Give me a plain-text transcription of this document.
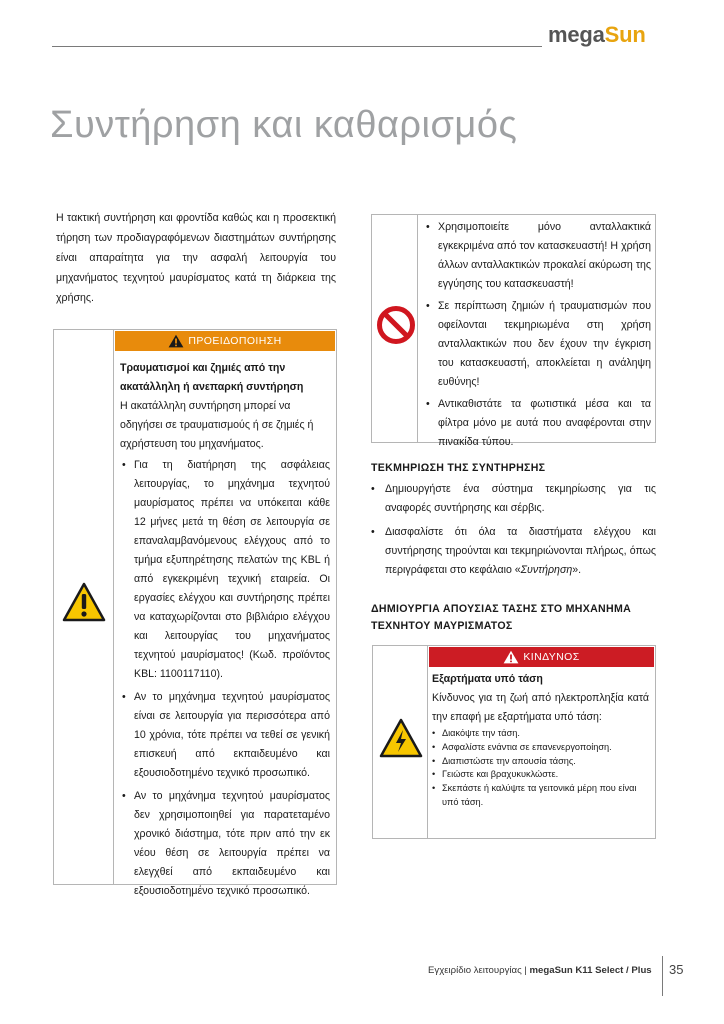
megaSun
Συντήρηση και καθαρισμός
Η τακτική συντήρηση και φροντίδα καθώς και η προσεκτική τήρηση των προδιαγραφόμενων διαστημάτων συντήρησης είναι απαραίτητα για την ασφαλή λειτουργία του μηχανήματος τεχνητού μαυρίσματος κατά τη διάρκεια της χρήσης.
ΠΡΟΕΙΔΟΠΟΙΗΣΗ
Τραυματισμοί και ζημιές από την ακατάλληλη ή ανεπαρκή συντήρηση
Η ακατάλληλη συντήρηση μπορεί να οδηγήσει σε τραυματισμούς ή σε ζημιές ή αχρήστευση του μηχανήματος.
• Για τη διατήρηση της ασφάλειας λειτουργίας, το μηχάνημα τεχνητού μαυρίσματος πρέπει να υπόκειται κάθε 12 μήνες μετά τη θέση σε λειτουργία σε επαναλαμβανόμενους ελέγχους από το τμήμα εξυπηρέτησης πελατών της KBL ή από εγκεκριμένη τεχνική εταιρεία. Οι εργασίες ελέγχου και συντήρησης πρέπει να καταχωρίζονται στο βιβλιάριο ελέγχου και λειτουργίας του μηχανήματος τεχνητού μαυρίσματος! (Κωδ. προϊόντος KBL: 1100117110).
• Αν το μηχάνημα τεχνητού μαυρίσματος είναι σε λειτουργία για περισσότερα από 10 χρόνια, τότε πρέπει να τεθεί σε γενική επισκευή από εκπαιδευμένο και εξουσιοδοτημένο τεχνικό προσωπικό.
• Αν το μηχάνημα τεχνητού μαυρίσματος δεν χρησιμοποιηθεί για παρατεταμένο χρονικό διάστημα, τότε πριν από την εκ νέου θέση σε λειτουργία πρέπει να ελεγχθεί από εκπαιδευμένο και εξουσιοδοτημένο τεχνικό προσωπικό.
• Χρησιμοποιείτε μόνο ανταλλακτικά εγκεκριμένα από τον κατασκευαστή! Η χρήση άλλων ανταλλακτικών προκαλεί ακύρωση της εγγύησης του κατασκευαστή!
• Σε περίπτωση ζημιών ή τραυματισμών που οφείλονται τεκμηριωμένα στη χρήση ανταλλακτικών που δεν έχουν την έγκριση του κατασκευαστή, αποκλείεται η ανάληψη ευθύνης!
• Αντικαθιστάτε τα φωτιστικά μέσα και τα φίλτρα μόνο με αυτά που αναφέρονται στην πινακίδα τύπου.
ΤΕΚΜΗΡΙΩΣΗ ΤΗΣ ΣΥΝΤΗΡΗΣΗΣ
• Δημιουργήστε ένα σύστημα τεκμηρίωσης για τις αναφορές συντήρησης και σέρβις.
• Διασφαλίστε ότι όλα τα διαστήματα ελέγχου και συντήρησης τηρούνται και τεκμηριώνονται πλήρως, όπως περιγράφεται στο κεφάλαιο «Συντήρηση».
ΔΗΜΙΟΥΡΓΙΑ ΑΠΟΥΣΙΑΣ ΤΑΣΗΣ ΣΤΟ ΜΗΧΑΝΗΜΑ ΤΕΧΝΗΤΟΥ ΜΑΥΡΙΣΜΑΤΟΣ
ΚΙΝΔΥΝΟΣ
Εξαρτήματα υπό τάση
Κίνδυνος για τη ζωή από ηλεκτροπληξία κατά την επαφή με εξαρτήματα υπό τάση:
• Διακόψτε την τάση.
• Ασφαλίστε ενάντια σε επανενεργοποίηση.
• Διαπιστώστε την απουσία τάσης.
• Γειώστε και βραχυκυκλώστε.
• Σκεπάστε ή καλύψτε τα γειτονικά μέρη που είναι υπό τάση.
Εγχειρίδιο λειτουργίας | megaSun K11 Select / Plus 35
